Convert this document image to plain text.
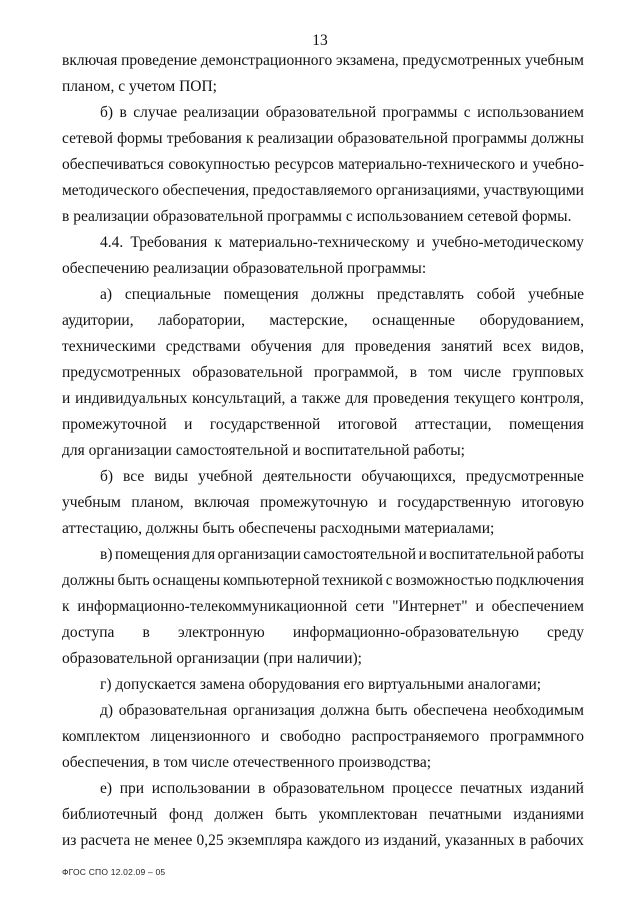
13
включая проведение демонстрационного экзамена, предусмотренных учебным
планом, с учетом ПОП;
б) в случае реализации образовательной программы с использованием
сетевой формы требования к реализации образовательной программы должны
обеспечиваться совокупностью ресурсов материально-технического и учебно-
методического обеспечения, предоставляемого организациями, участвующими
в реализации образовательной программы с использованием сетевой формы.
4.4. Требования к материально-техническому и учебно-методическому
обеспечению реализации образовательной программы:
а) специальные помещения должны представлять собой учебные
аудитории, лаборатории, мастерские, оснащенные оборудованием,
техническими средствами обучения для проведения занятий всех видов,
предусмотренных образовательной программой, в том числе групповых
и индивидуальных консультаций, а также для проведения текущего контроля,
промежуточной и государственной итоговой аттестации, помещения
для организации самостоятельной и воспитательной работы;
б) все виды учебной деятельности обучающихся, предусмотренные
учебным планом, включая промежуточную и государственную итоговую
аттестацию, должны быть обеспечены расходными материалами;
в) помещения для организации самостоятельной и воспитательной работы
должны быть оснащены компьютерной техникой с возможностью подключения
к информационно-телекоммуникационной сети "Интернет" и обеспечением
доступа в электронную информационно-образовательную среду
образовательной организации (при наличии);
г) допускается замена оборудования его виртуальными аналогами;
д) образовательная организация должна быть обеспечена необходимым
комплектом лицензионного и свободно распространяемого программного
обеспечения, в том числе отечественного производства;
е) при использовании в образовательном процессе печатных изданий
библиотечный фонд должен быть укомплектован печатными изданиями
из расчета не менее 0,25 экземпляра каждого из изданий, указанных в рабочих
ФГОС СПО 12.02.09 – 05
